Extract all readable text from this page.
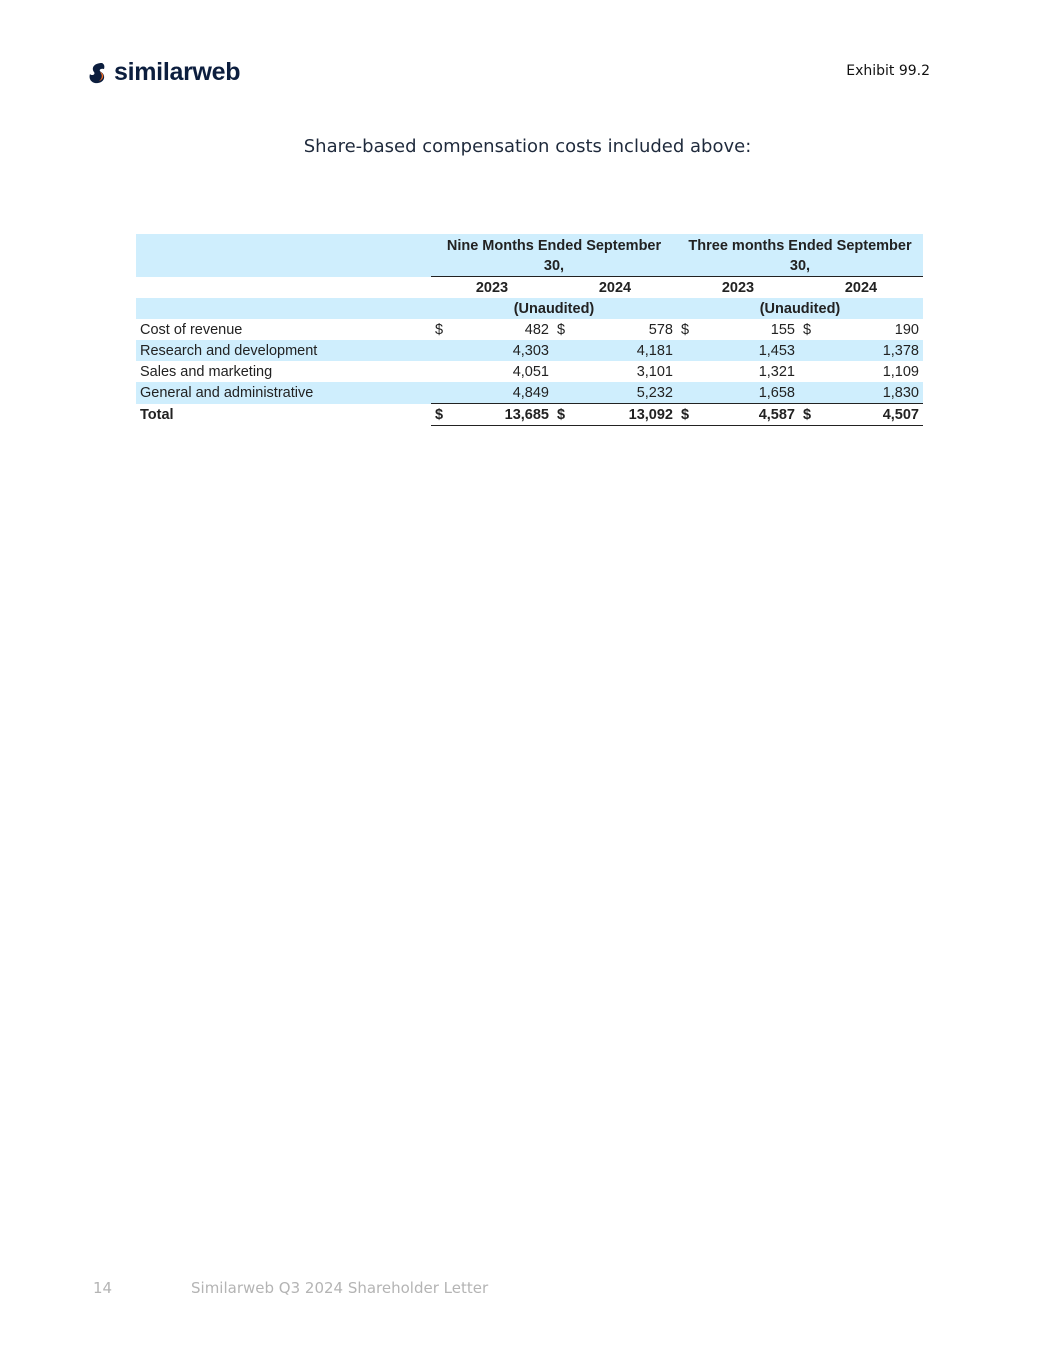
similarweb	Exhibit 99.2
Share-based compensation costs included above:
	Nine Months Ended September 30,				Three months Ended September 30,			
	2023		2024		2023		2024	
	(Unaudited)				(Unaudited)			
Cost of revenue	$	482	$	578	$	155	$	190
Research and development		4,303		4,181		1,453		1,378
Sales and marketing		4,051		3,101		1,321		1,109
General and administrative		4,849		5,232		1,658		1,830
Total	$	13,685	$	13,092	$	4,587	$	4,507
14	Similarweb Q3 2024 Shareholder Letter
